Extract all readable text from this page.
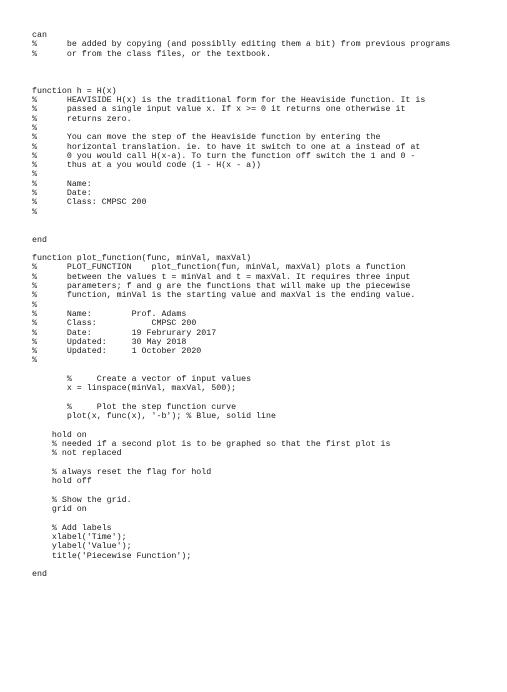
can
%      be added by copying (and possiblly editing them a bit) from previous programs
%      or from the class files, or the textbook.
function h = H(x)
%      HEAVISIDE H(x) is the traditional form for the Heaviside function. It is
%      passed a single input value x. If x >= 0 it returns one otherwise it
%      returns zero.
%
%      You can move the step of the Heaviside function by entering the
%      horizontal translation. ie. to have it switch to one at a instead of at
%      0 you would call H(x-a). To turn the function off switch the 1 and 0 -
%      thus at a you would code (1 - H(x - a))
%
%      Name:
%      Date:
%      Class: CMPSC 200
%
end
function plot_function(func, minVal, maxVal)
%      PLOT_FUNCTION    plot_function(fun, minVal, maxVal) plots a function
%      between the values t = minVal and t = maxVal. It requires three input
%      parameters; f and g are the functions that will make up the piecewise
%      function, minVal is the starting value and maxVal is the ending value.
%
%      Name:        Prof. Adams
%      Class:           CMPSC 200
%      Date:        19 Februrary 2017
%      Updated:     30 May 2018
%      Updated:     1 October 2020
%
%     Create a vector of input values
x = linspace(minVal, maxVal, 500);
%     Plot the step function curve
plot(x, func(x), '-b'); % Blue, solid line
hold on
% needed if a second plot is to be graphed so that the first plot is
% not replaced
% always reset the flag for hold
hold off
% Show the grid.
grid on
% Add labels
xlabel('Time');
ylabel('Value');
title('Piecewise Function');
end
